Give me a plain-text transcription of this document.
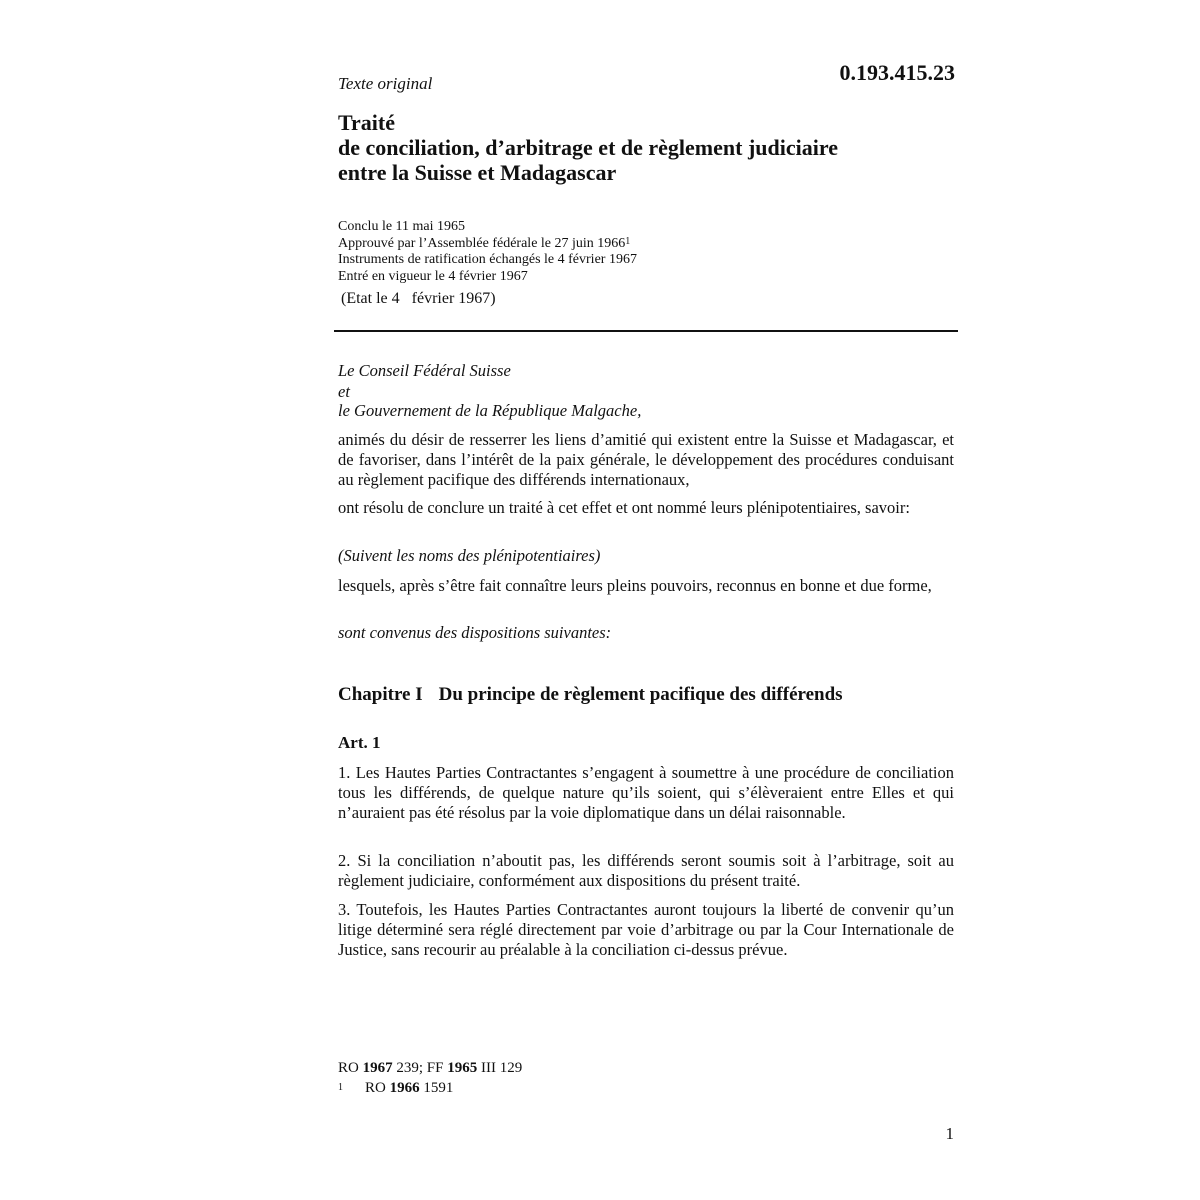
Texte original	0.193.415.23
Traité
de conciliation, d’arbitrage et de règlement judiciaire
entre la Suisse et Madagascar
Conclu le 11 mai 1965
Approuvé par l’Assemblée fédérale le 27 juin 1966$^1$
Instruments de ratification échangés le 4 février 1967
Entré en vigueur le 4 février 1967
(Etat le 4   février 1967)
Le Conseil Fédéral Suisse
et
le Gouvernement de la République Malgache,
animés du désir de resserrer les liens d’amitié qui existent entre la Suisse et Madagascar, et de favoriser, dans l’intérêt de la paix générale, le développement des procédures conduisant au règlement pacifique des différends internationaux,
ont résolu de conclure un traité à cet effet et ont nommé leurs plénipotentiaires, savoir:
(Suivent les noms des plénipotentiaires)
lesquels, après s’être fait connaître leurs pleins pouvoirs, reconnus en bonne et due forme,
sont convenus des dispositions suivantes:
Chapitre I Du principe de règlement pacifique des différends
Art. 1
1. Les Hautes Parties Contractantes s’engagent à soumettre à une procédure de conciliation tous les différends, de quelque nature qu’ils soient, qui s’élèveraient entre Elles et qui n’auraient pas été résolus par la voie diplomatique dans un délai raisonnable.
2. Si la conciliation n’aboutit pas, les différends seront soumis soit à l’arbitrage, soit au règlement judiciaire, conformément aux dispositions du présent traité.
3. Toutefois, les Hautes Parties Contractantes auront toujours la liberté de convenir qu’un litige déterminé sera réglé directement par voie d’arbitrage ou par la Cour Internationale de Justice, sans recourir au préalable à la conciliation ci-dessus prévue.
RO 1967 239; FF 1965 III 129
$^1$ RO 1966 1591
1
